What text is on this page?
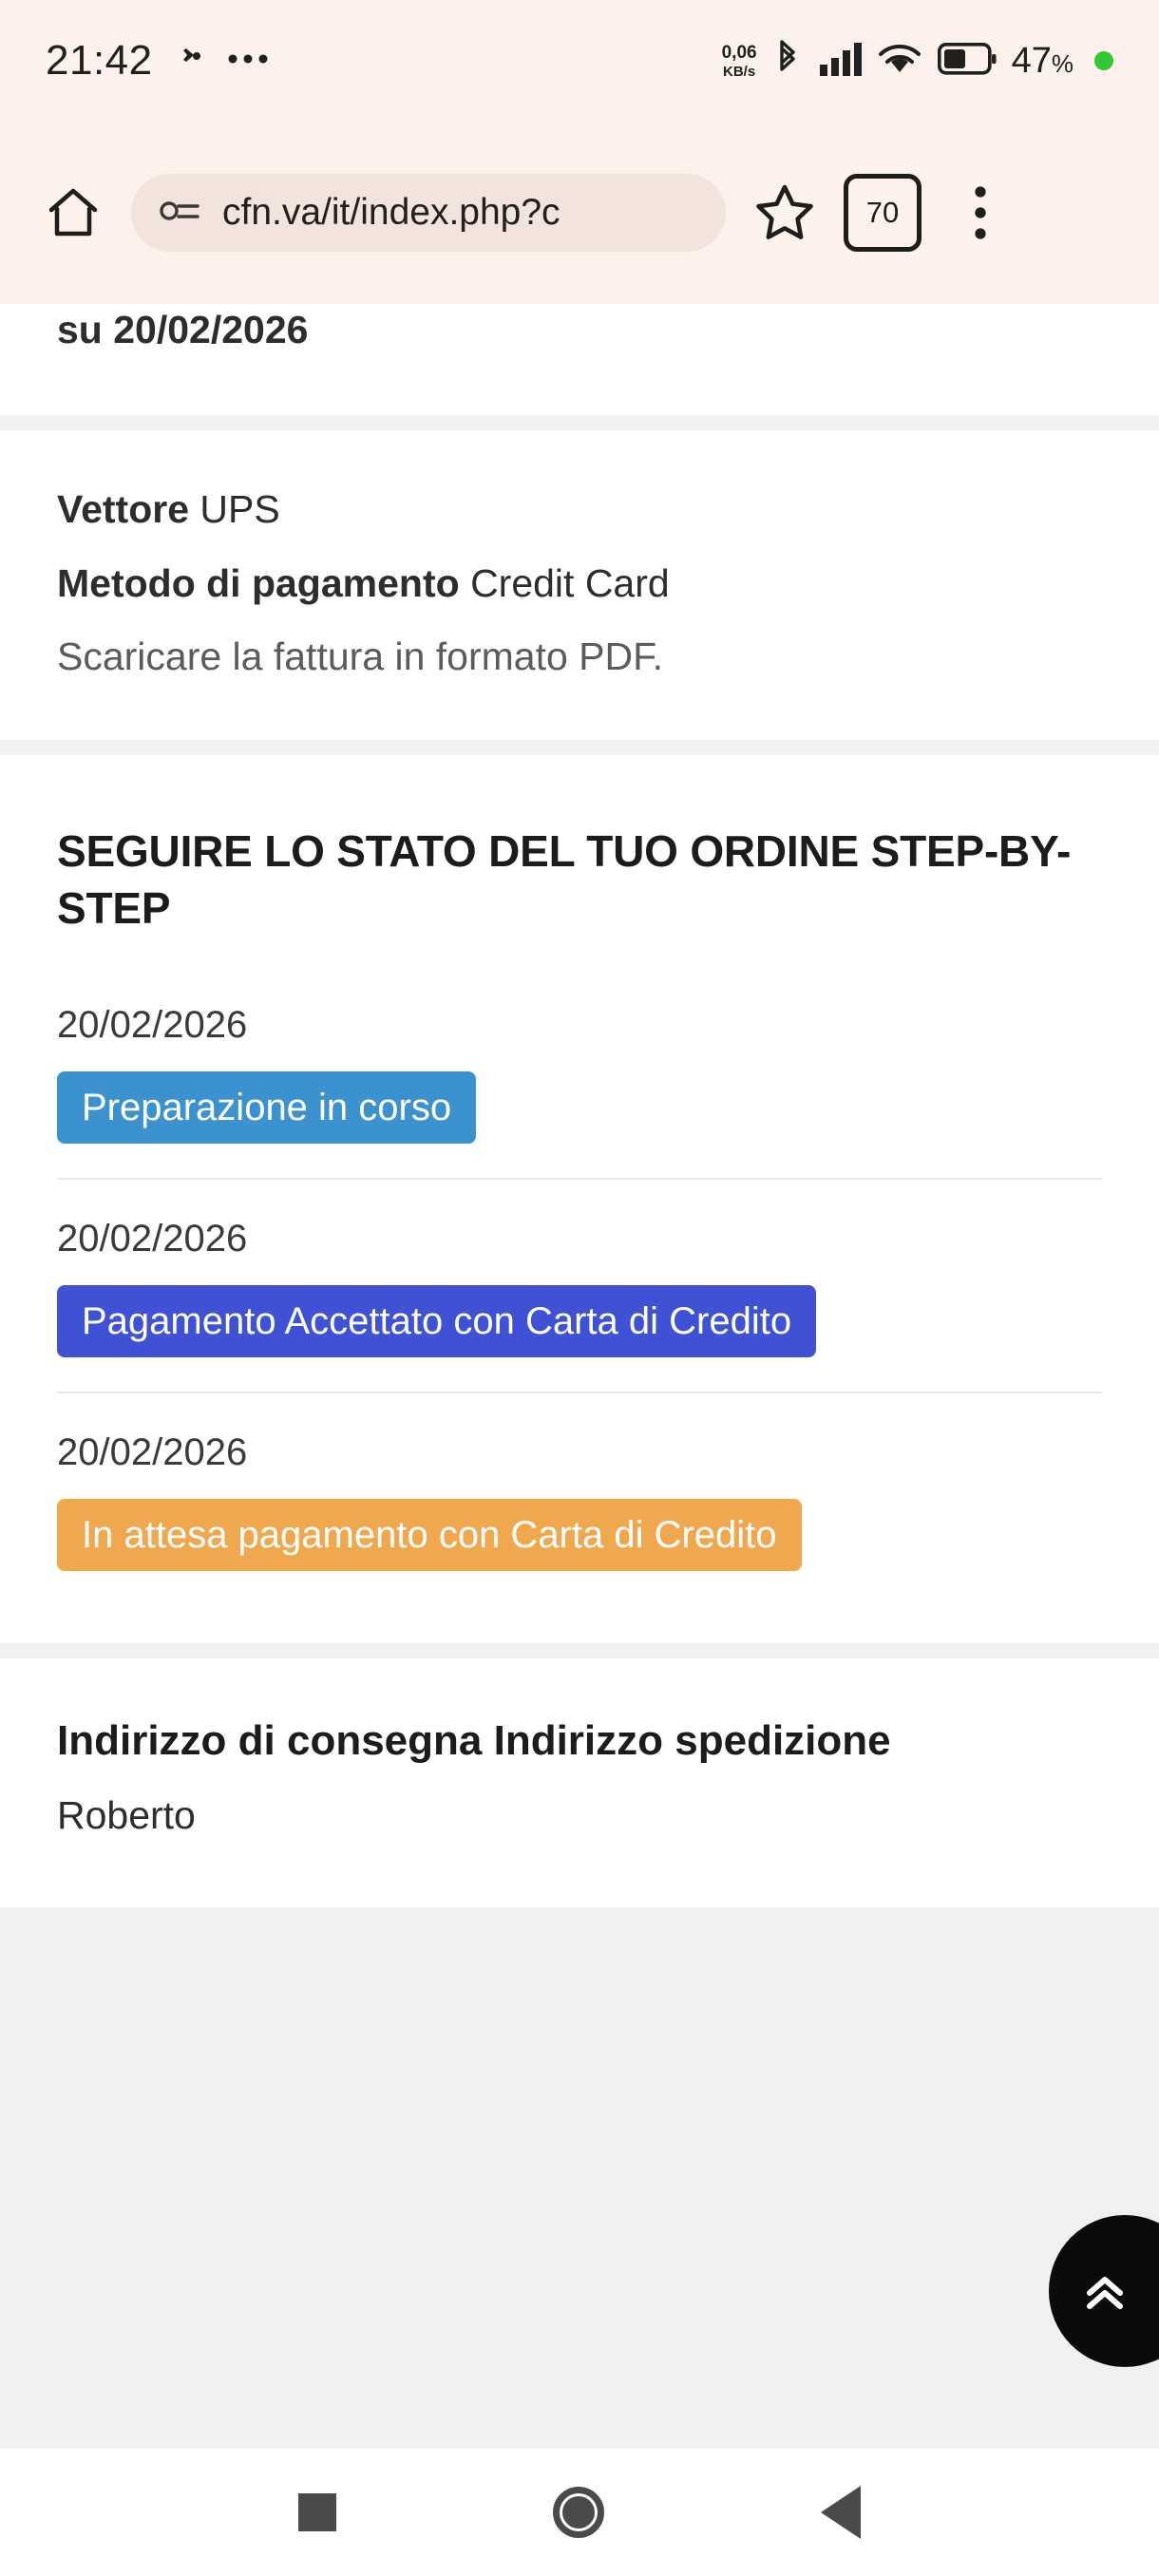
21:42	0,06
KB/s	47%
cfn.va/it/index.php?c	70
su 20/02/2026
Vettore UPS
Metodo di pagamento Credit Card
Scaricare la fattura in formato PDF.
SEGUIRE LO STATO DEL TUO ORDINE STEP-BY-STEP
20/02/2026
Preparazione in corso
20/02/2026
Pagamento Accettato con Carta di Credito
20/02/2026
In attesa pagamento con Carta di Credito
Indirizzo di consegna Indirizzo spedizione
Roberto
